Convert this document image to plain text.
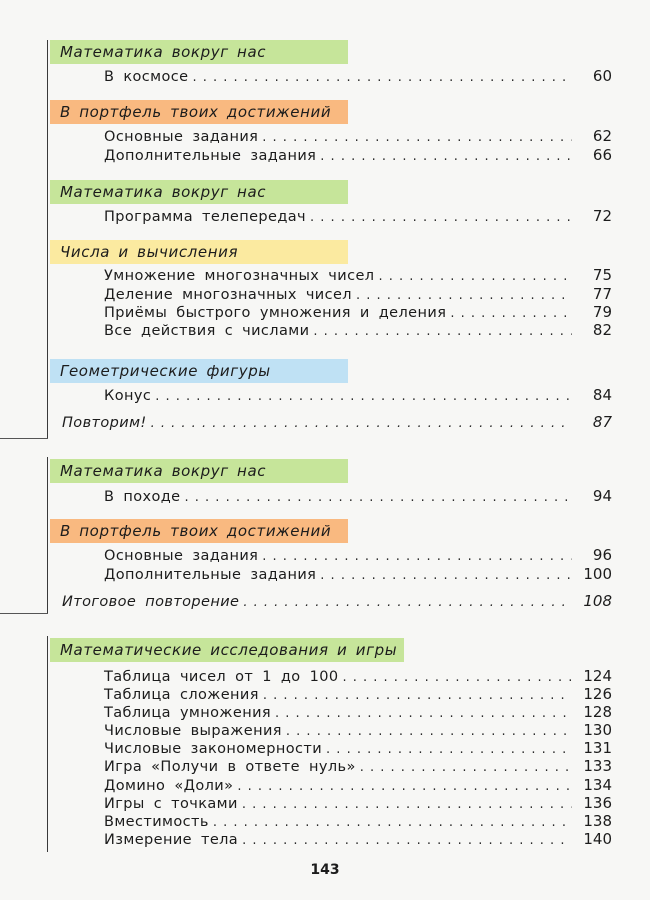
Математика вокруг нас
В космосе . . .	60
В портфель твоих достижений
Основные задания . . .	62
Дополнительные задания . . .	66
Математика вокруг нас
Программа телепередач . . .	72
Числа и вычисления
Умножение многозначных чисел . . .	75
Деление многозначных чисел . . .	77
Приёмы быстрого умножения и деления . . .	79
Все действия с числами . . .	82
Геометрические фигуры
Конус . . .	84
Повторим! . . .	87
Математика вокруг нас
В походе . . .	94
В портфель твоих достижений
Основные задания . . .	96
Дополнительные задания . . .	100
Итоговое повторение . . .	108
Математические исследования и игры
Таблица чисел от 1 до 100 . . .	124
Таблица сложения . . .	126
Таблица умножения . . .	128
Числовые выражения . . .	130
Числовые закономерности . . .	131
Игра «Получи в ответе нуль» . . .	133
Домино «Доли» . . .	134
Игры с точками . . .	136
Вместимость . . .	138
Измерение тела . . .	140
143
